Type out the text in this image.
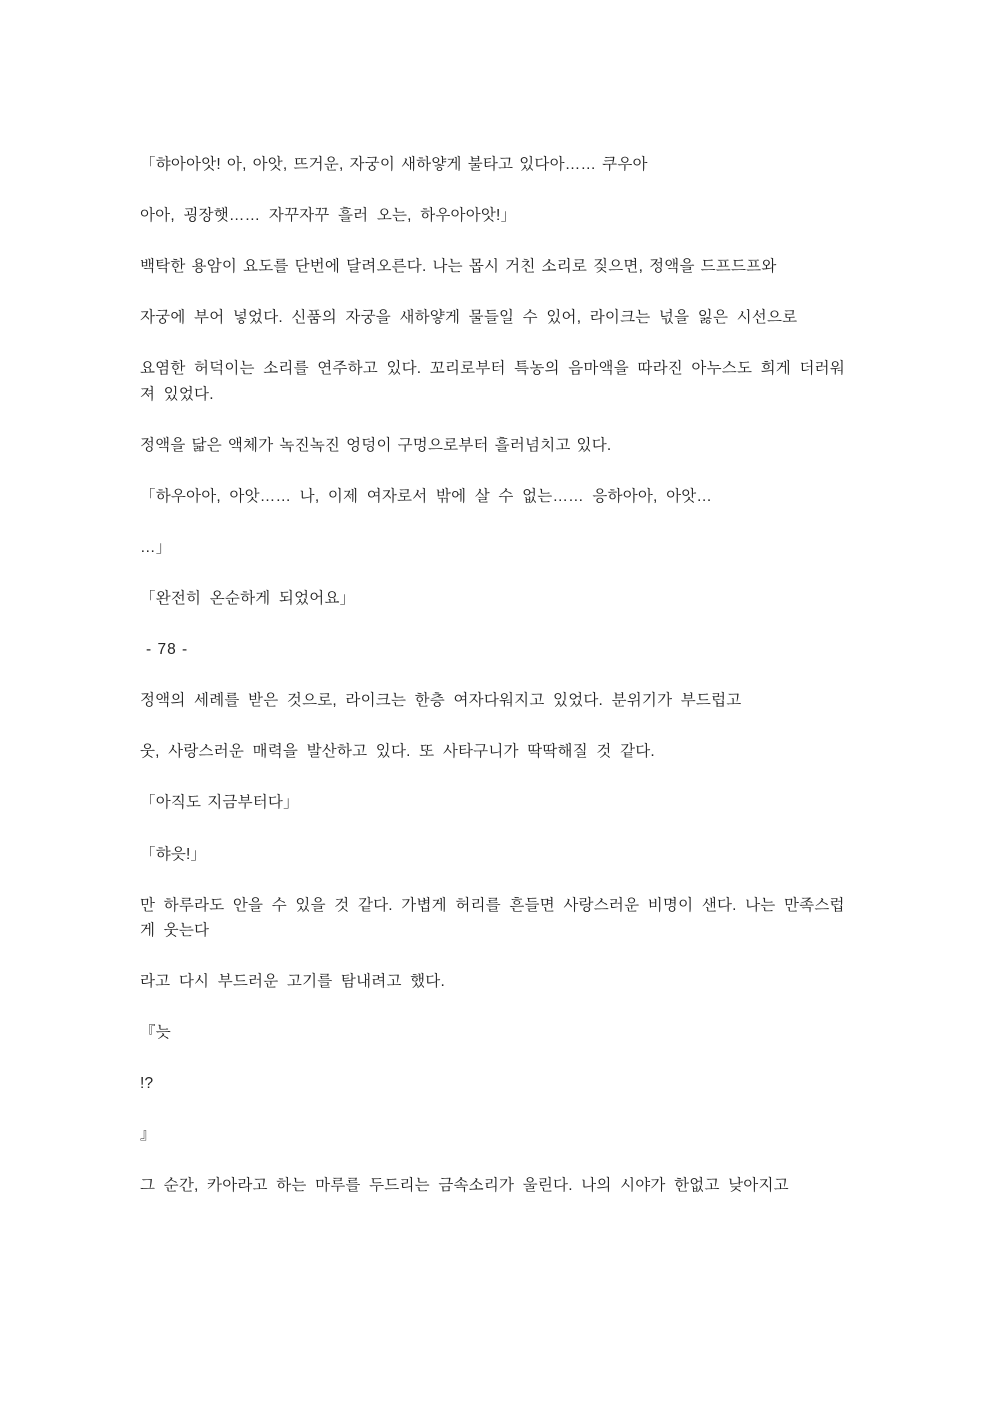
「햐아아앗! 아, 아앗, 뜨거운, 자궁이 새하얗게 불타고 있다아…… 쿠우아

아아, 굉장햇…… 자꾸자꾸 흘러 오는, 하우아아앗!」

백탁한 용암이 요도를 단번에 달려오른다. 나는 몹시 거친 소리로 짖으면, 정액을 드프드프와

자궁에 부어 넣었다. 신품의 자궁을 새하얗게 물들일 수 있어, 라이크는 넋을 잃은 시선으로

요염한 허덕이는 소리를 연주하고 있다. 꼬리로부터 특농의 음마액을 따라진 아누스도 희게 더러워져 있었다.

정액을 닮은 액체가 녹진녹진 엉덩이 구멍으로부터 흘러넘치고 있다.

「하우아아, 아앗…… 나, 이제 여자로서 밖에 살 수 없는…… 응하아아, 아앗…

…」

「완전히 온순하게 되었어요」

- 78 -

정액의 세례를 받은 것으로, 라이크는 한층 여자다워지고 있었다. 분위기가 부드럽고

웃, 사랑스러운 매력을 발산하고 있다. 또 사타구니가 딱딱해질 것 같다.

「아직도 지금부터다」

「햐읏!」

만 하루라도 안을 수 있을 것 같다. 가볍게 허리를 흔들면 사랑스러운 비명이 샌다. 나는 만족스럽게 웃는다

라고 다시 부드러운 고기를 탐내려고 했다.

『늣

!?

』

그 순간, 카아라고 하는 마루를 두드리는 금속소리가 울린다. 나의 시야가 한없고 낮아지고
